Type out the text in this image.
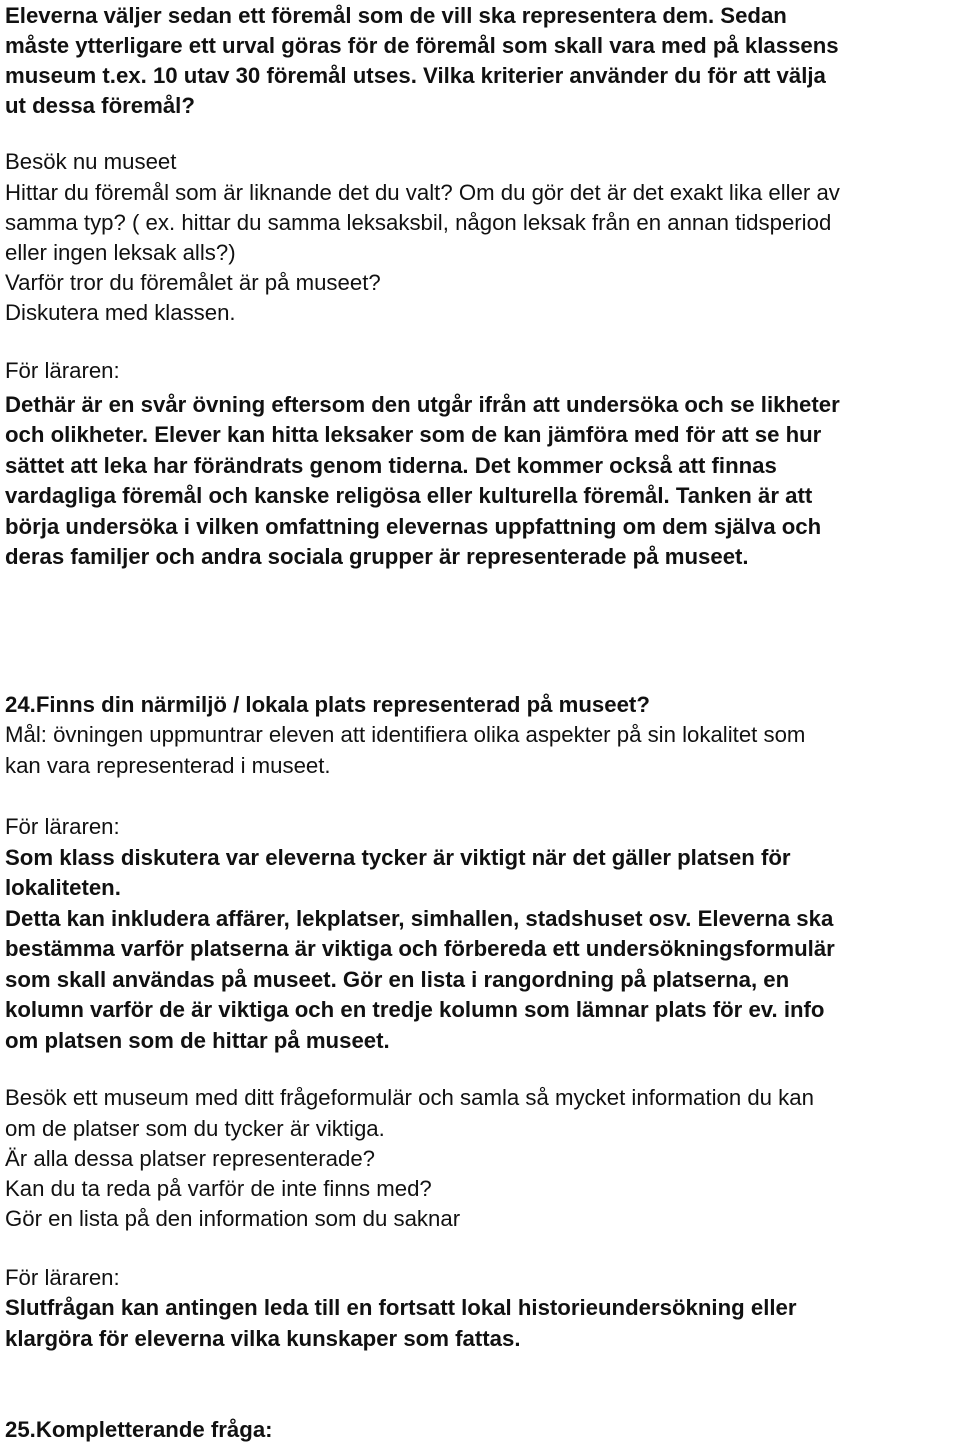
Eleverna väljer sedan ett föremål som de vill ska representera dem. Sedan
måste ytterligare ett urval göras för de föremål som skall vara med på klassens
museum t.ex. 10 utav 30 föremål utses. Vilka kriterier använder du för att välja
ut dessa föremål?
Besök nu museet
Hittar du föremål som är liknande det du valt? Om du gör det är det exakt lika eller av
samma typ? ( ex. hittar du samma leksaksbil, någon leksak från en annan tidsperiod
eller ingen leksak alls?)
Varför tror du föremålet är på museet?
Diskutera med klassen.
För läraren:
Dethär är en svår övning eftersom den utgår ifrån att undersöka och se likheter
och olikheter. Elever kan hitta leksaker som de kan jämföra med för att se hur
sättet att leka har förändrats genom tiderna. Det kommer också att finnas
vardagliga föremål och kanske religösa eller kulturella föremål. Tanken är att
börja undersöka i vilken omfattning elevernas uppfattning om dem själva och
deras familjer och andra sociala grupper är representerade på museet.
24.Finns din närmiljö / lokala plats representerad på museet?
Mål: övningen uppmuntrar eleven att identifiera olika aspekter på sin lokalitet som
kan vara representerad i museet.
För läraren:
Som klass diskutera var eleverna tycker är viktigt när det gäller platsen för
lokaliteten.
Detta kan inkludera affärer, lekplatser, simhallen, stadshuset osv. Eleverna ska
bestämma varför platserna är viktiga och förbereda ett undersökningsformulär
som skall användas på museet. Gör en lista i rangordning på platserna, en
kolumn varför de är viktiga och en tredje kolumn som lämnar plats för ev. info
om platsen som de hittar på museet.
Besök ett museum med ditt frågeformulär och samla så mycket information du kan
om de platser som du tycker är viktiga.
Är alla dessa platser representerade?
Kan du ta reda på varför de inte finns med?
Gör en lista på den information som du saknar
För läraren:
Slutfrågan kan antingen leda till en fortsatt lokal historieundersökning eller
klargöra för eleverna vilka kunskaper som fattas.
25.Kompletterande fråga:
